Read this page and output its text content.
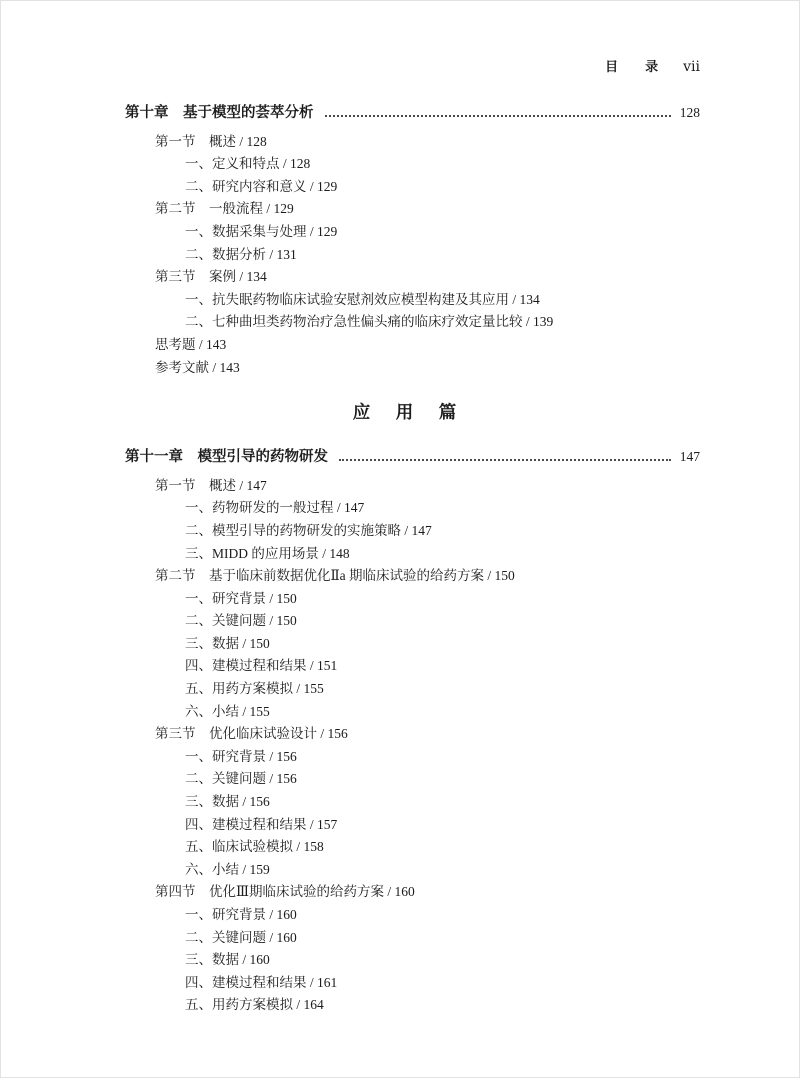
目　录 ⅶ
第十章　基于模型的荟萃分析	128
第一节　概述 / 128
一、定义和特点 / 128
二、研究内容和意义 / 129
第二节　一般流程 / 129
一、数据采集与处理 / 129
二、数据分析 / 131
第三节　案例 / 134
一、抗失眠药物临床试验安慰剂效应模型构建及其应用 / 134
二、七种曲坦类药物治疗急性偏头痛的临床疗效定量比较 / 139
思考题 / 143
参考文献 / 143
应　用　篇
第十一章　模型引导的药物研发	147
第一节　概述 / 147
一、药物研发的一般过程 / 147
二、模型引导的药物研发的实施策略 / 147
三、MIDD 的应用场景 / 148
第二节　基于临床前数据优化Ⅱa 期临床试验的给药方案 / 150
一、研究背景 / 150
二、关键问题 / 150
三、数据 / 150
四、建模过程和结果 / 151
五、用药方案模拟 / 155
六、小结 / 155
第三节　优化临床试验设计 / 156
一、研究背景 / 156
二、关键问题 / 156
三、数据 / 156
四、建模过程和结果 / 157
五、临床试验模拟 / 158
六、小结 / 159
第四节　优化Ⅲ期临床试验的给药方案 / 160
一、研究背景 / 160
二、关键问题 / 160
三、数据 / 160
四、建模过程和结果 / 161
五、用药方案模拟 / 164
